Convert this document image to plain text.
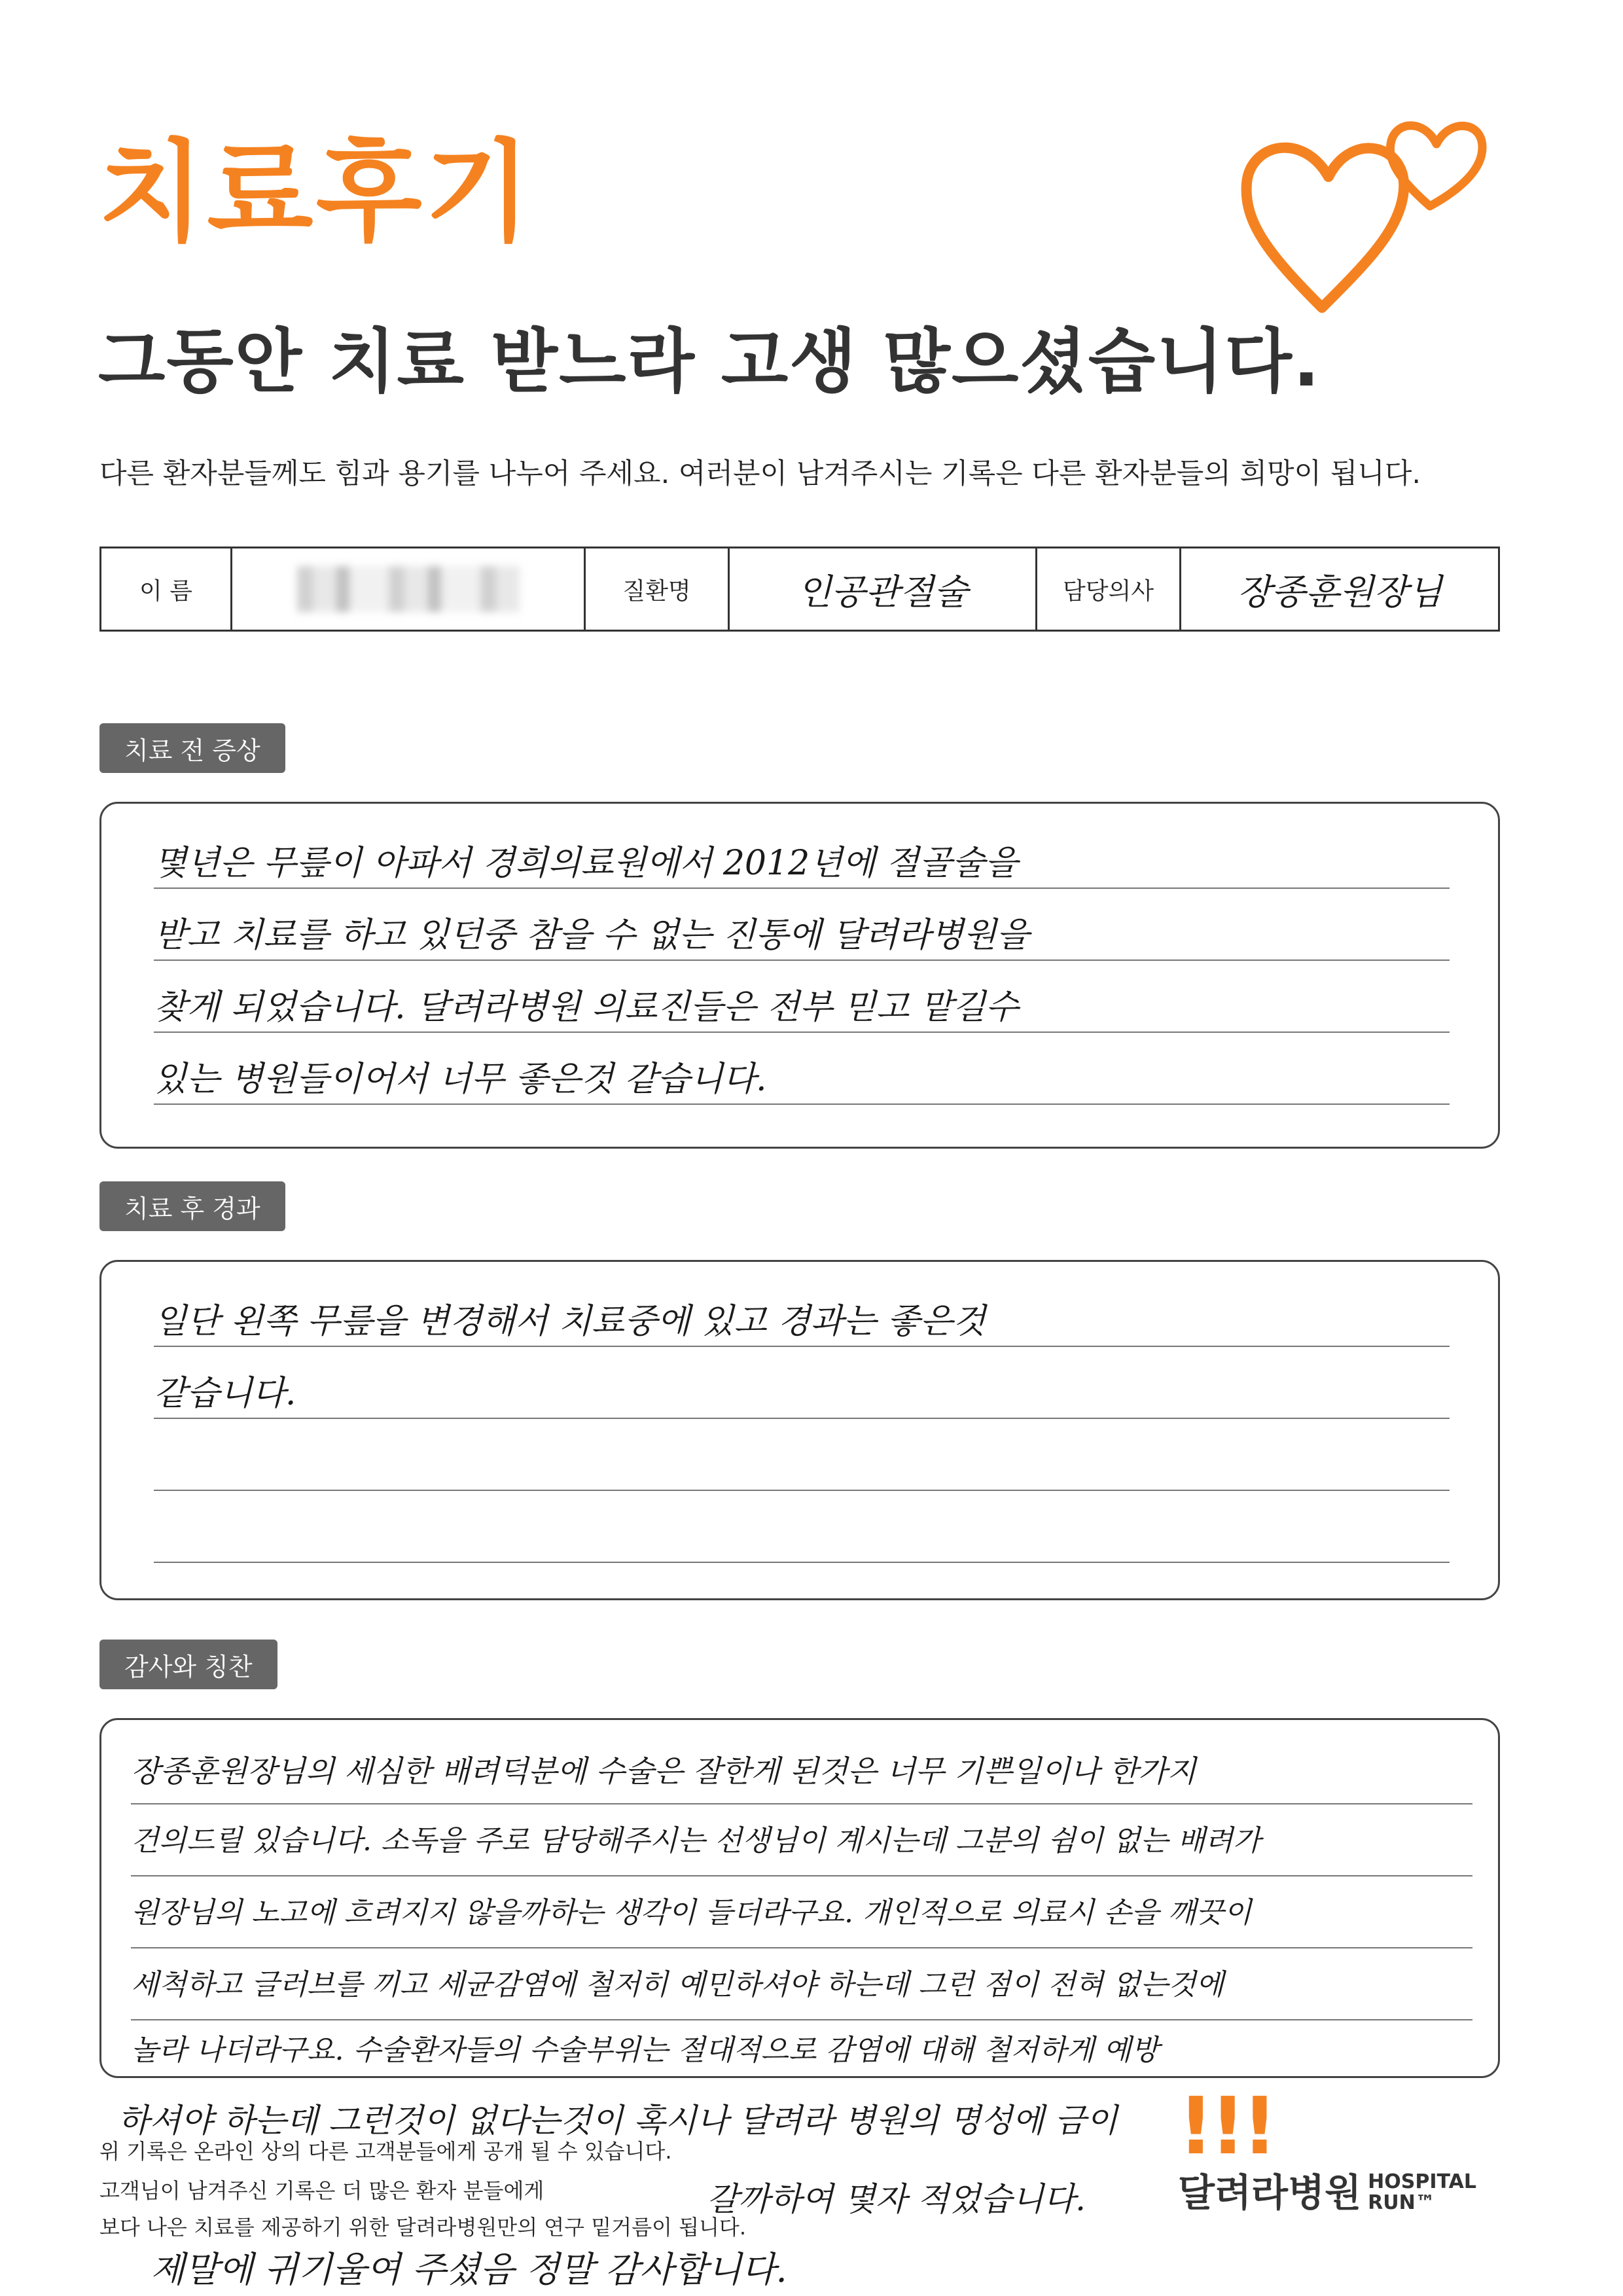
치료후기
그동안 치료 받느라 고생 많으셨습니다.
다른 환자분들께도 힘과 용기를 나누어 주세요. 여러분이 남겨주시는 기록은 다른 환자분들의 희망이 됩니다.
이 름	질환명	인공관절술	담당의사	장종훈원장님
치료 전 증상
몇년은 무릎이 아파서 경희의료원에서 2012년에 절골술을
받고 치료를 하고 있던중 참을 수 없는 진통에 달려라병원을
찾게 되었습니다. 달려라병원 의료진들은 전부 믿고 맡길수
있는 병원들이어서 너무 좋은것 같습니다.
치료 후 경과
일단 왼쪽 무릎을 변경해서 치료중에 있고 경과는 좋은것
같습니다.
감사와 칭찬
장종훈원장님의 세심한 배려덕분에 수술은 잘한게 된것은 너무 기쁜일이나 한가지
건의드릴 있습니다. 소독을 주로 담당해주시는 선생님이 계시는데 그분의 쉼이 없는 배려가
원장님의 노고에 흐려지지 않을까하는 생각이 들더라구요. 개인적으로 의료시 손을 깨끗이
세척하고 글러브를 끼고 세균감염에 철저히 예민하셔야 하는데 그런 점이 전혀 없는것에
놀라 나더라구요. 수술환자들의 수술부위는 절대적으로 감염에 대해 철저하게 예방
하셔야 하는데 그런것이 없다는것이 혹시나 달려라 병원의 명성에 금이
갈까하여 몇자 적었습니다.
제말에 귀기울여 주셨음 정말 감사합니다.
위 기록은 온라인 상의 다른 고객분들에게 공개 될 수 있습니다.
고객님이 남겨주신 기록은 더 많은 환자 분들에게
보다 나은 치료를 제공하기 위한 달려라병원만의 연구 밑거름이 됩니다.
!!!
달려라병원 HOSPITAL
RUN™
